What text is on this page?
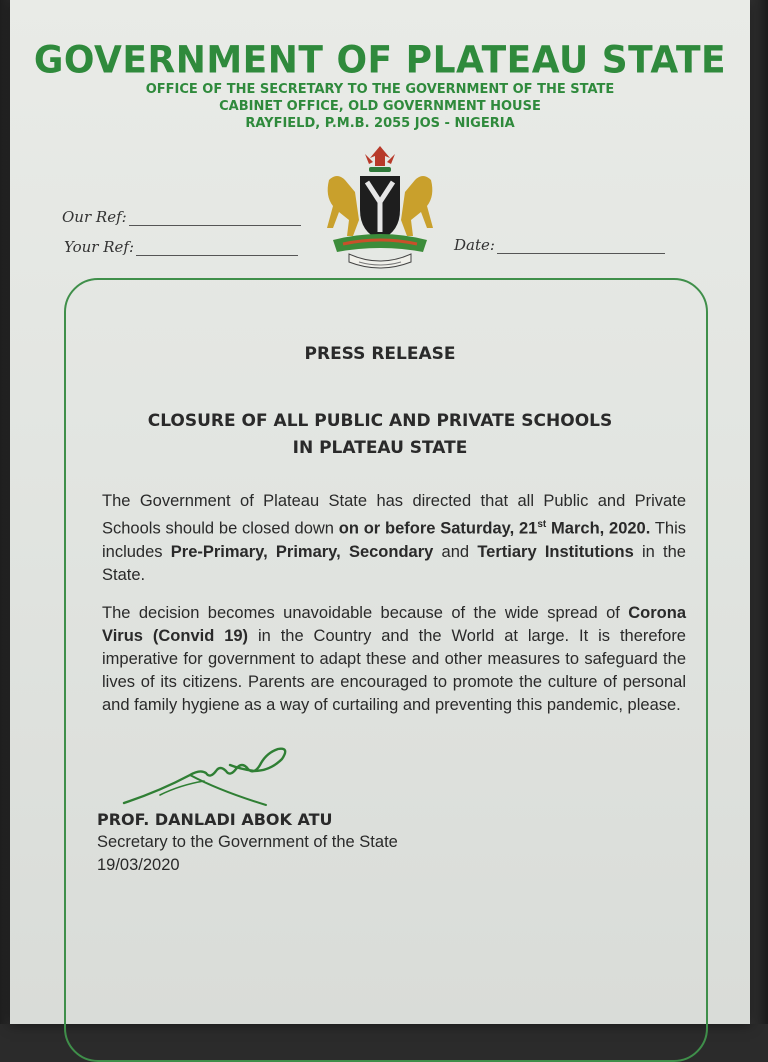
GOVERNMENT OF PLATEAU STATE
OFFICE OF THE SECRETARY TO THE GOVERNMENT OF THE STATE
CABINET OFFICE, OLD GOVERNMENT HOUSE
RAYFIELD, P.M.B. 2055 JOS - NIGERIA
Our Ref:
Your Ref:	Date:
PRESS RELEASE
CLOSURE OF ALL PUBLIC AND PRIVATE SCHOOLS
IN PLATEAU STATE
The Government of Plateau State has directed that all Public and Private Schools should be closed down on or before Saturday, 21st March, 2020. This includes Pre-Primary, Primary, Secondary and Tertiary Institutions in the State.
The decision becomes unavoidable because of the wide spread of Corona Virus (Convid 19) in the Country and the World at large. It is therefore imperative for government to adapt these and other measures to safeguard the lives of its citizens. Parents are encouraged to promote the culture of personal and family hygiene as a way of curtailing and preventing this pandemic, please.
PROF. DANLADI ABOK ATU
Secretary to the Government of the State
19/03/2020
